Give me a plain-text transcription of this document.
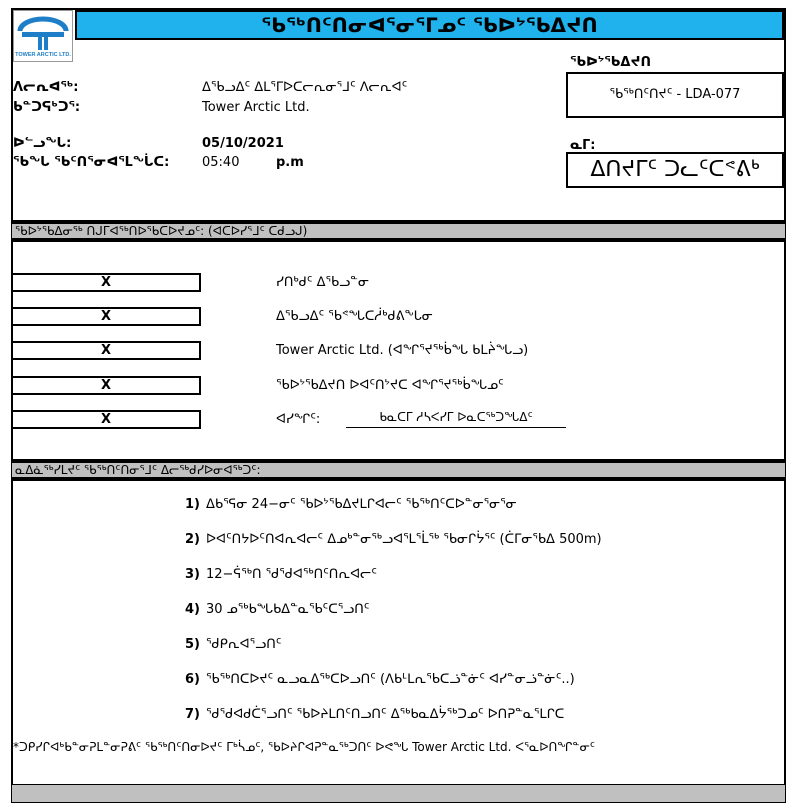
TOWER ARCTIC LTD.
ᖃᖅᑎᑦᑎᓂᐊᕐᓂᕐᒥᓄᑦ ᖃᐅᔾᖃᐃᔪᑎ
ᐱᓕᕆᐊᖅ:	ᐃᖃᓗᐃᑦ ᐃᒪᕐᒥᐅᑕᓕᕆᓂᕐᒧᑦ ᐱᓕᕆᐊᑦ
ᑲᓐᑐᕋᒃᑐᕐ:	Tower Arctic Ltd.
ᐅᓪᓗᖓ:	05/10/2021
ᖃᖓ ᖃᑦᑎᕐᓂᐊᕐᒪᖔᑕ:	05:40	p.m
ᖃᐅᔾᖃᐃᔪᑎ
ᖃᖅᑎᑦᑎᔪᑦ - LDA-077
ᓇᒥ:
ᐃᑎᔪᒥᑦ ᑐᓚᑦᑕᕝᕕᒃ
ᖃᐅᔾᖃᐃᓂᖅ ᑎᒍᒥᐊᖅᑎᐅᖃᑕᐅᔪᓄᑦ: (ᐊᑕᐅᓯᕐᒧᑦ ᑕᑯᓗᒍ)
X	ᓯᑎᒃᑯᑦ ᐃᖃᓗᓐᓂ
X	ᐃᖃᓗᐃᑦ ᖃᕝᖓᑕᓲᒃᑯᕕᖕᒐᓂ
X	Tower Arctic Ltd. (ᐊᖏᕐᔪᖅᑳᖓ ᑲᒪᔩᖓᓗ)
X	ᖃᐅᔾᖃᐃᔪᑎ ᐅᐊᑦᑎᔾᔪᑕ ᐊᖏᕐᔪᖅᑳᖓᓄᑦ
X	ᐊᓯᖏᑦ:	ᑲᓇᑕᒥ ᓱᓴᐸᓯᒥ ᐅᓇᑕᖅᑐᖓᐃᑦ
ᓇᐃᓈᖅᓯᒪᔪᑦ ᖃᖅᑎᑦᑎᓂᕐᒧᑦ ᐃᓕᖅᑯᓯᐅᓂᐊᖅᑐᑦ:
1) ᐃᑲᕐᕋᓂ 24−ᓂᑦ ᖃᐅᔾᖃᐃᔪᒪᒋᐊᓕᑦ ᖃᖅᑎᑦᑕᐅᓐᓂᕐᓂᕐᓂ
2) ᐅᐊᑦᑎᔭᐅᑦᑎᐊᕆᐊᓕᑦ ᐃᓄᒃᓐᓂᕐᒃᓗᐊᕐᒪᕐᒫᖅ ᖃᓂᒋᔮᕐᑦ (ᑖᒥᓂᖃᐃ 500m)
3) 12−ᕌᖅᑎ ᖁᖁᐊᖅᑎᑦᑎᕆᐊᓕᑦ
4) 30 ᓄᖅᑲᖓᑲᐃᓐᓇᖃᑦᑕᕐᓗᑎᑦ
5) ᖁᑭᕆᐊᕐᓗᑎᑦ
6) ᖃᖅᑎᑕᐅᔪᑦ ᓇᓗᓇᐃᖅᑕᐅᓗᑎᑦ (ᐱᑲᒻᒪᕆᖃᑕᓘᓐᓃᑦ ᐊᓯᓐᓂᓘᓐᓃᑦ..)
7) ᖁᖁᐊᑯᑖᕐᓗᑎᑦ ᖃᐅᔨᒪᑎᑦᑎᓗᑎᑦ ᐃᖅᑲᓇᐃᔮᖅᑐᓄᑦ ᐅᑎᕈᓐᓇᕐᒪᒋᑕ
*ᑐᑭᓯᒋᐊᒃᑲᓐᓂᕈᒪᓐᓂᕈᕕᑦ ᖃᖅᑎᑦᑎᓂᐅᔪᑦ ᒥᒃᓵᓄᑦ, ᖃᐅᔨᒋᐊᕈᓐᓇᖅᑐᑎᑦ ᐅᕙᖓ Tower Arctic Ltd. ᐸᕐᓇᐅᑎᖏᓐᓂᑦ
